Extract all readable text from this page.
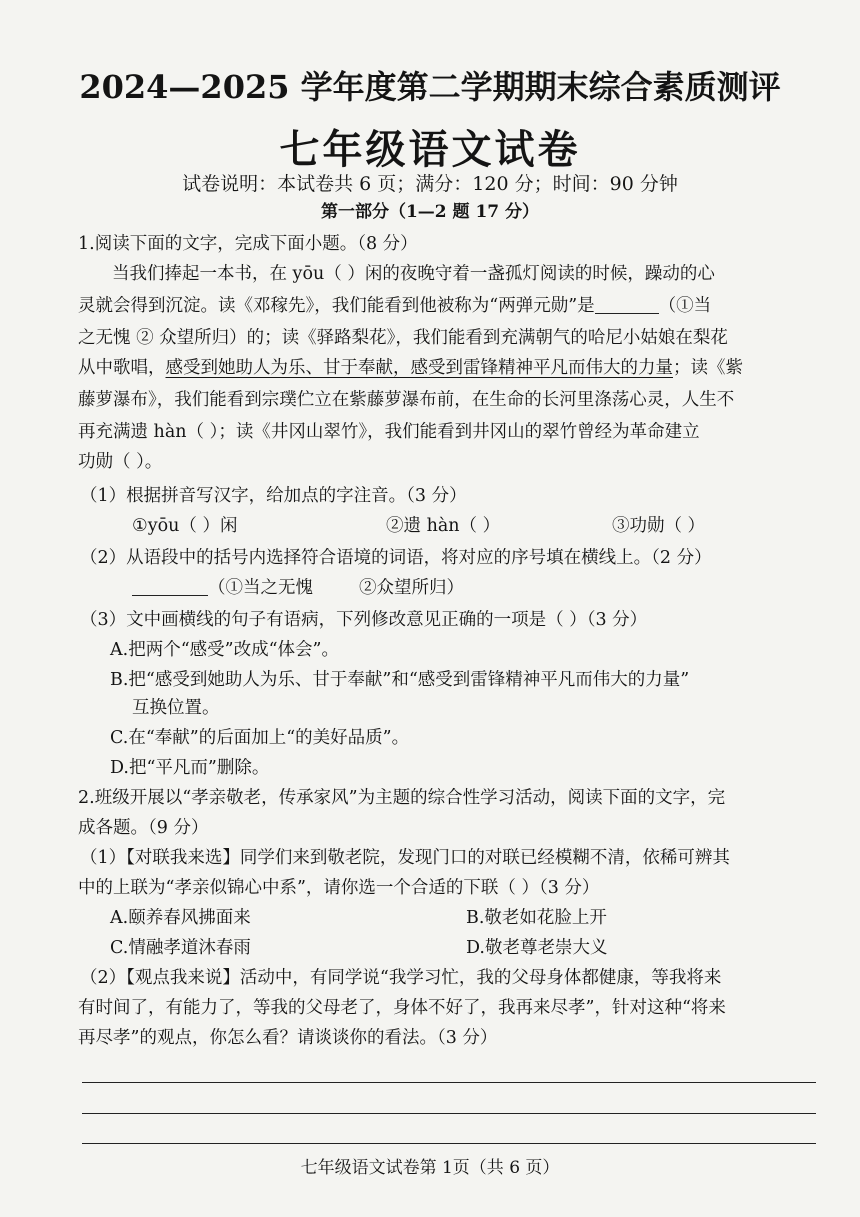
2024—2025 学年度第二学期期末综合素质测评
七年级语文试卷
试卷说明：本试卷共 6 页；满分：120 分；时间：90 分钟
第一部分（1—2 题 17 分）
1.阅读下面的文字，完成下面小题。（8 分）
当我们捧起一本书，在 yōu（ ）闲的夜晚守着一盏孤灯阅读的时候，躁动的心
灵就会得到沉淀。读《邓稼先》，我们能看到他被称为“两弹元勋”是	（①当
之无愧 ② 众望所归）的；读《驿路梨花》，我们能看到充满朝气的哈尼小姑娘在梨花
从中歌唱，感受到她助人为乐、甘于奉献，感受到雷锋精神平凡而伟大的力量；读《紫
藤萝瀑布》，我们能看到宗璞伫立在紫藤萝瀑布前，在生命的长河里涤荡心灵，人生不
再充满遗 hàn（ ）；读《井冈山翠竹》，我们能看到井冈山的翠竹曾经为革命建立
功勋（ ）。
（1）根据拼音写汉字，给加点的字注音。（3 分）
①yōu（ ）闲	②遗 hàn（ ）	③功勋（ ）
（2）从语段中的括号内选择符合语境的词语，将对应的序号填在横线上。（2 分）
（①当之无愧	②众望所归）
（3）文中画横线的句子有语病，下列修改意见正确的一项是（ ）（3 分）
A.把两个“感受”改成“体会”。
B.把“感受到她助人为乐、甘于奉献”和“感受到雷锋精神平凡而伟大的力量”
互换位置。
C.在“奉献”的后面加上“的美好品质”。
D.把“平凡而”删除。
2.班级开展以“孝亲敬老，传承家风”为主题的综合性学习活动，阅读下面的文字，完
成各题。（9 分）
（1）【对联我来选】同学们来到敬老院，发现门口的对联已经模糊不清，依稀可辨其
中的上联为“孝亲似锦心中系”，请你选一个合适的下联（ ）（3 分）
A.颐养春风拂面来	B.敬老如花脸上开
C.情融孝道沐春雨	D.敬老尊老崇大义
（2）【观点我来说】活动中，有同学说“我学习忙，我的父母身体都健康，等我将来
有时间了，有能力了，等我的父母老了，身体不好了，我再来尽孝”，针对这种“将来
再尽孝”的观点，你怎么看？请谈谈你的看法。（3 分）
七年级语文试卷第 1页（共 6 页）
